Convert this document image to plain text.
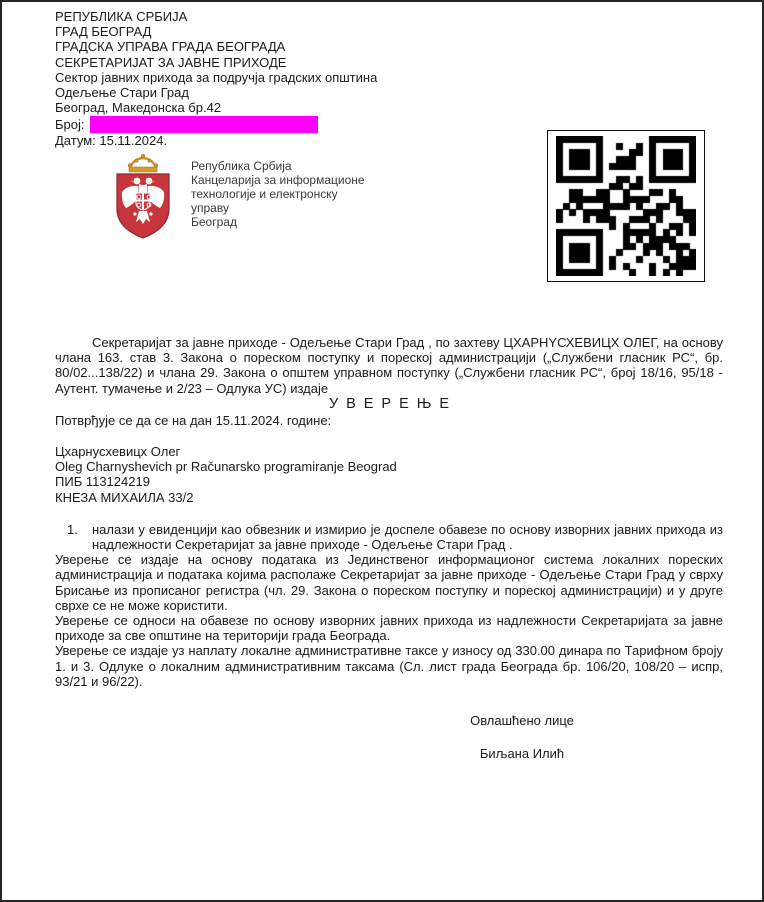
РЕПУБЛИКА СРБИЈА
ГРАД БЕОГРАД
ГРАДСКА УПРАВА ГРАДА БЕОГРАДА
СЕКРЕТАРИЈАТ ЗА ЈАВНЕ ПРИХОДЕ
Сектор јавних прихода за подручја градских општина
Одељење Стари Град
Београд, Македонска бр.42
Број:
Датум: 15.11.2024.
Република Србија
Канцеларија за информационе
технологије и електронску
управу
Београд

Секретаријат за јавне приходе - Одељење Стари Град , по захтеву ЦХАРНYСХЕВИЦХ ОЛЕГ, на основу члана 163. став 3. Закона о пореском поступку и пореској администрацији („Службени гласник РС“, бр. 80/02...138/22) и члана 29. Закона о општем управном поступку („Службени гласник РС“, број 18/16, 95/18 - Аутент. тумачење и 2/23 – Одлука УС) издаје

УВЕРЕЊЕ

Потврђује се да се на дан 15.11.2024. године:

Цхарнусхевицх Олег
Oleg Charnyshevich pr Računarsko programiranje Beograd
ПИБ 113124219
КНЕЗА МИХАИЛА 33/2
1.	налази у евиденцији као обвезник и измирио је доспеле обавезе по основу изворних јавних прихода из надлежности Секретаријат за јавне приходе - Одељење Стари Град .

Уверење се издаје на основу података из Јединственог информационог система локалних пореских администрација и података којима располаже Секретаријат за јавне приходе - Одељење Стари Град у сврху Брисање из прописаног регистра (чл. 29. Закона о пореском поступку и пореској администрацији) и у друге сврхе се не може користити.

Уверење се односи на обавезе по основу изворних јавних прихода из надлежности Секретаријата за јавне приходе за све општине на територији града Београда.

Уверење се издаје уз наплату локалне административне таксе у износу од 330.00 динара по Тарифном броју 1. и 3. Одлуке о локалним административним таксама (Сл. лист града Београда бр. 106/20, 108/20 – испр, 93/21 и 96/22).

Овлашћено лице
Биљана Илић
